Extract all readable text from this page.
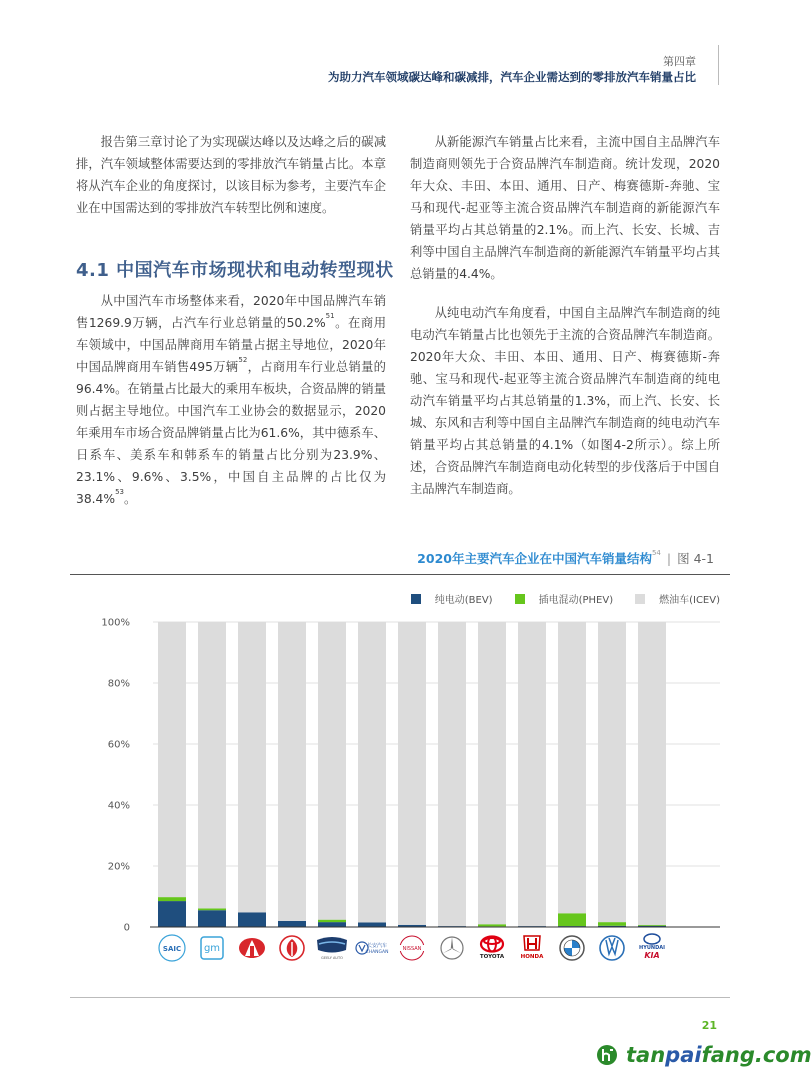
第四章
为助力汽车领域碳达峰和碳减排，汽车企业需达到的零排放汽车销量占比

报告第三章讨论了为实现碳达峰以及达峰之后的碳减排，汽车领域整体需要达到的零排放汽车销量占比。本章将从汽车企业的角度探讨，以该目标为参考，主要汽车企业在中国需达到的零排放汽车转型比例和速度。

4.1 中国汽车市场现状和电动转型现状

从中国汽车市场整体来看，2020年中国品牌汽车销售1269.9万辆，占汽车行业总销量的50.2%$^{51}$。在商用车领域中，中国品牌商用车销量占据主导地位，2020年中国品牌商用车销售495万辆$^{52}$，占商用车行业总销量的96.4%。在销量占比最大的乘用车板块，合资品牌的销量则占据主导地位。中国汽车工业协会的数据显示，2020年乘用车市场合资品牌销量占比为61.6%，其中德系车、日系车、美系车和韩系车的销量占比分别为23.9%、23.1%、9.6%、3.5%，中国自主品牌的占比仅为38.4%$^{53}$。

从新能源汽车销量占比来看，主流中国自主品牌汽车制造商则领先于合资品牌汽车制造商。统计发现，2020年大众、丰田、本田、通用、日产、梅赛德斯-奔驰、宝马和现代-起亚等主流合资品牌汽车制造商的新能源汽车销量平均占其总销量的2.1%。而上汽、长安、长城、吉利等中国自主品牌汽车制造商的新能源汽车销量平均占其总销量的4.4%。

从纯电动汽车角度看，中国自主品牌汽车制造商的纯电动汽车销量占比也领先于主流的合资品牌汽车制造商。2020年大众、丰田、本田、通用、日产、梅赛德斯-奔驰、宝马和现代-起亚等主流合资品牌汽车制造商的纯电动汽车销量平均占其总销量的1.3%，而上汽、长安、长城、东风和吉利等中国自主品牌汽车制造商的纯电动汽车销量平均占其总销量的4.1%（如图4-2所示）。综上所述，合资品牌汽车制造商电动化转型的步伐落后于中国自主品牌汽车制造商。

2020年主要汽车企业在中国汽车销量结构$^{54}$ | 图 4-1
纯电动(BEV)	插电混动(PHEV)	燃油车(ICEV)
0
20%
40%
60%
80%
100%
SAIC gm
GEELY AUTO
长安汽车
CHANGAN
NISSAN
TOYOTA	HONDA
HYUNDAI
KIA
21
tanpaifang.com
